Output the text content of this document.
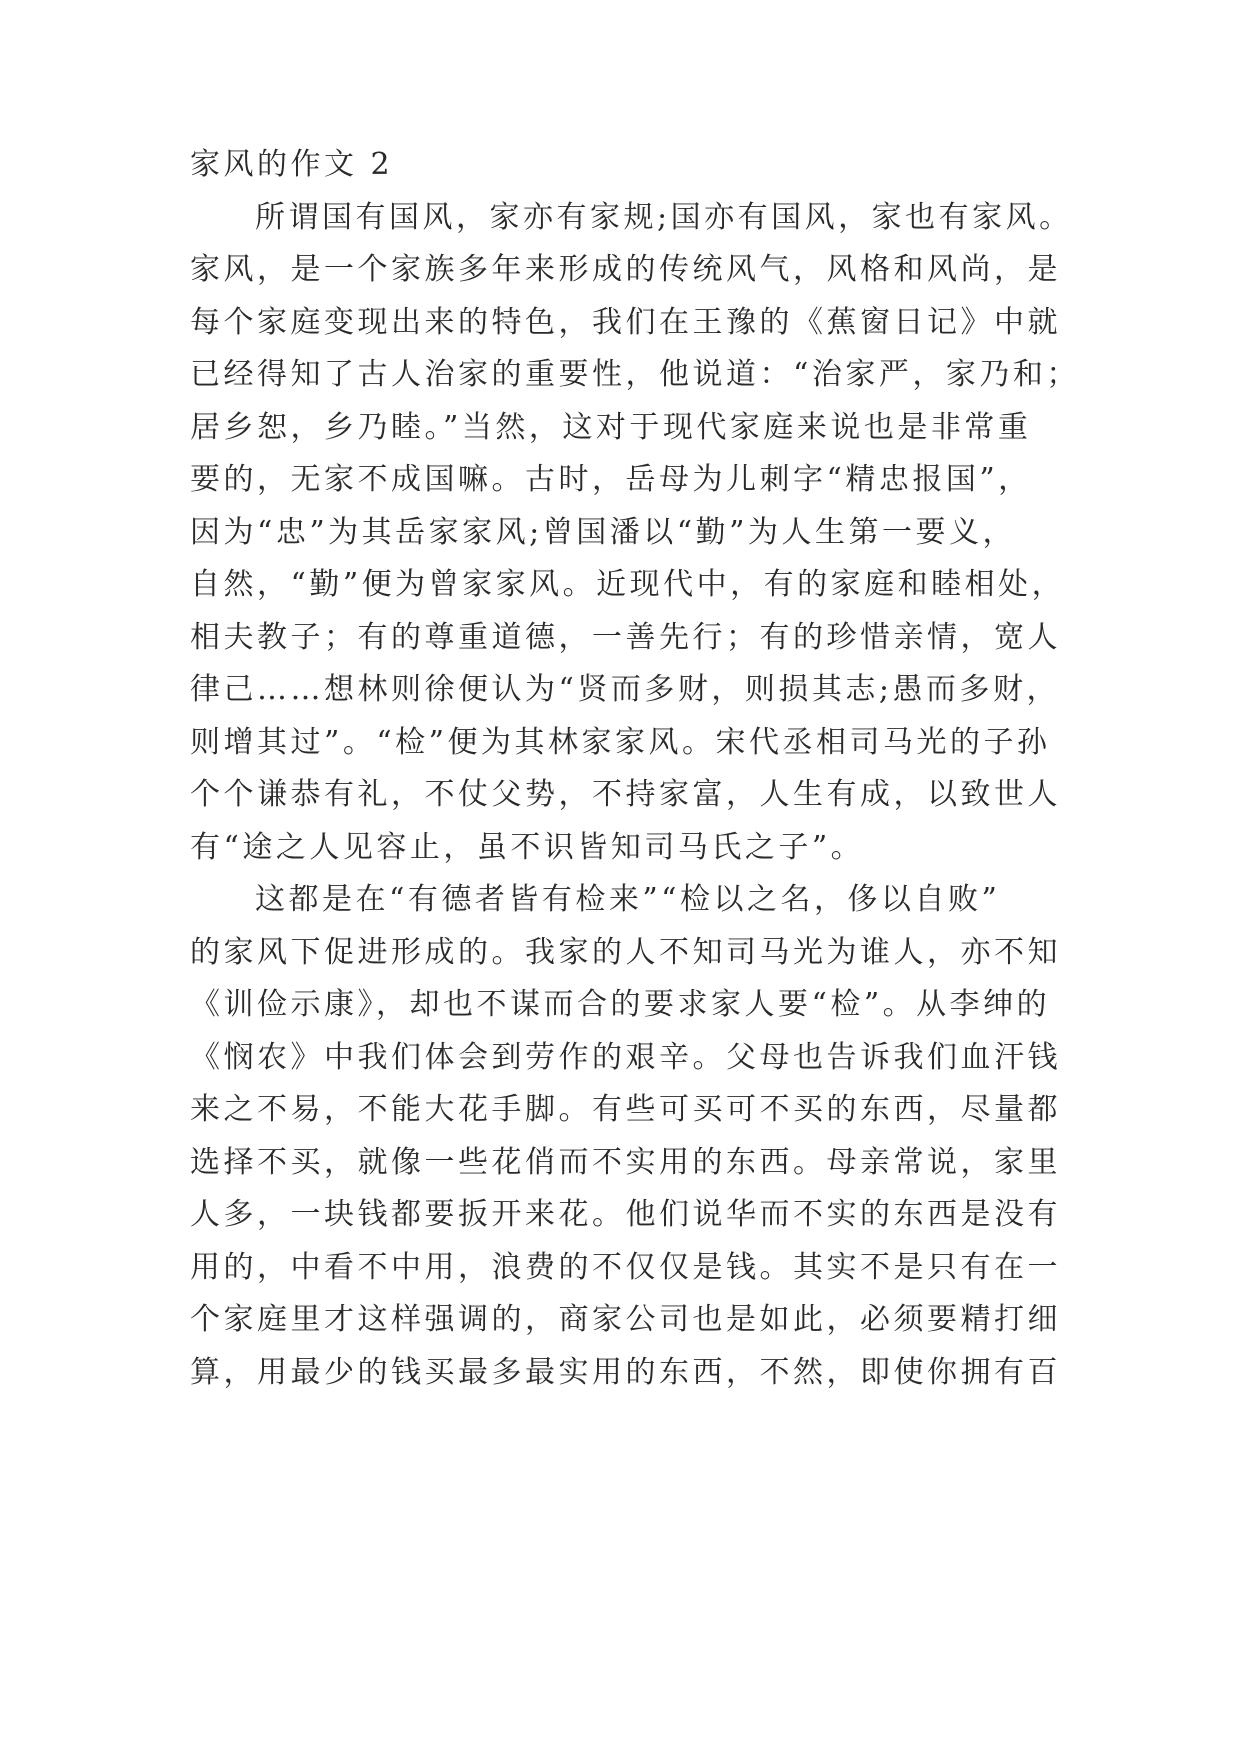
家风的作文 2
所谓国有国风，家亦有家规;国亦有国风，家也有家风。
家风，是一个家族多年来形成的传统风气，风格和风尚，是
每个家庭变现出来的特色，我们在王豫的《蕉窗日记》中就
已经得知了古人治家的重要性，他说道：“治家严，家乃和；
居乡恕，乡乃睦。”当然，这对于现代家庭来说也是非常重
要的，无家不成国嘛。古时，岳母为儿刺字“精忠报国”，
因为“忠”为其岳家家风;曾国潘以“勤”为人生第一要义，
自然，“勤”便为曾家家风。近现代中，有的家庭和睦相处，
相夫教子；有的尊重道德，一善先行；有的珍惜亲情，宽人
律己……想林则徐便认为“贤而多财，则损其志;愚而多财，
则增其过”。“检”便为其林家家风。宋代丞相司马光的子孙
个个谦恭有礼，不仗父势，不持家富，人生有成，以致世人
有“途之人见容止，虽不识皆知司马氏之子”。
这都是在“有德者皆有检来”“检以之名，侈以自败”
的家风下促进形成的。我家的人不知司马光为谁人，亦不知
《训俭示康》，却也不谋而合的要求家人要“检”。从李绅的
《悯农》中我们体会到劳作的艰辛。父母也告诉我们血汗钱
来之不易，不能大花手脚。有些可买可不买的东西，尽量都
选择不买，就像一些花俏而不实用的东西。母亲常说，家里
人多，一块钱都要扳开来花。他们说华而不实的东西是没有
用的，中看不中用，浪费的不仅仅是钱。其实不是只有在一
个家庭里才这样强调的，商家公司也是如此，必须要精打细
算，用最少的钱买最多最实用的东西，不然，即使你拥有百
